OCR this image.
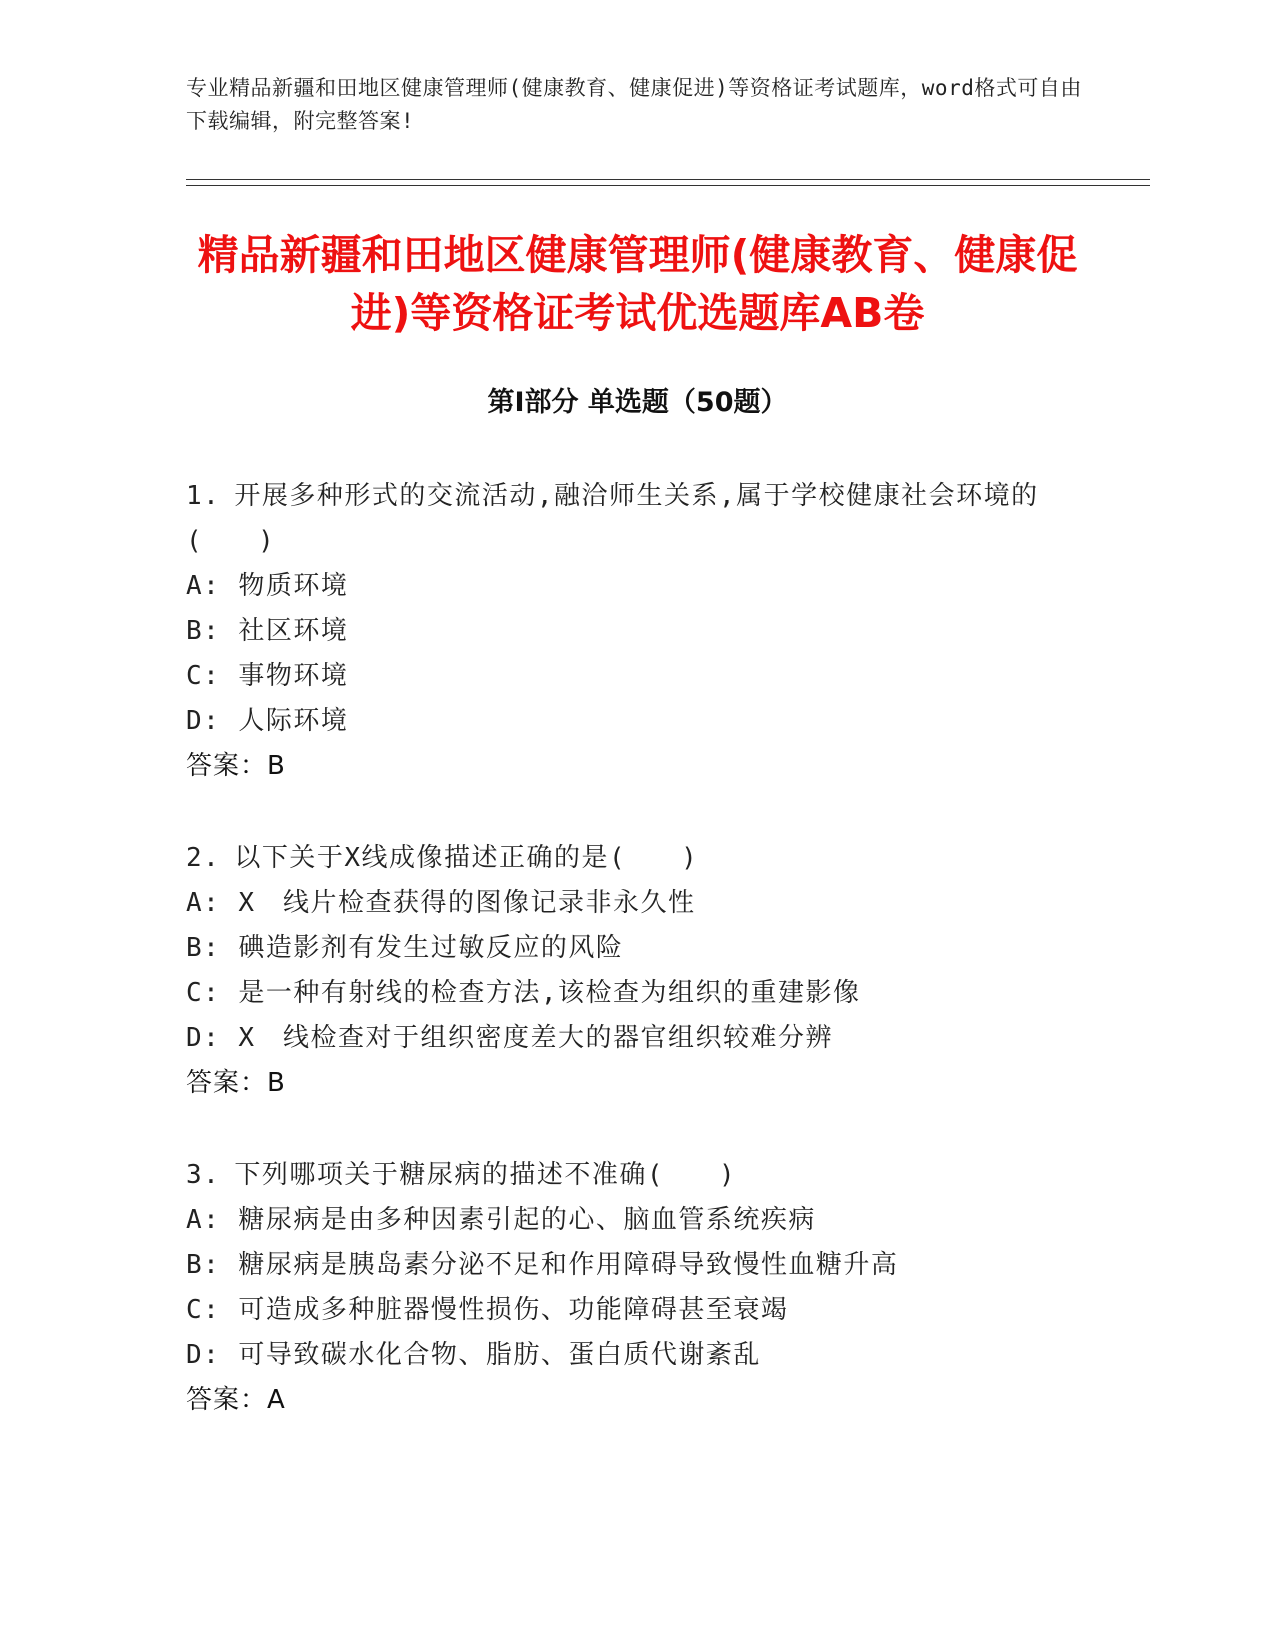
专业精品新疆和田地区健康管理师(健康教育、健康促进)等资格证考试题库，word格式可自由下载编辑，附完整答案!
精品新疆和田地区健康管理师(健康教育、健康促进)等资格证考试优选题库AB卷
第Ⅰ部分 单选题（50题）
1. 开展多种形式的交流活动,融洽师生关系,属于学校健康社会环境的(　　)
A: 物质环境
B: 社区环境
C: 事物环境
D: 人际环境
答案：B
2. 以下关于X线成像描述正确的是(　　)
A: X　线片检查获得的图像记录非永久性
B: 碘造影剂有发生过敏反应的风险
C: 是一种有射线的检查方法,该检查为组织的重建影像
D: X　线检查对于组织密度差大的器官组织较难分辨
答案：B
3. 下列哪项关于糖尿病的描述不准确(　　)
A: 糖尿病是由多种因素引起的心、脑血管系统疾病
B: 糖尿病是胰岛素分泌不足和作用障碍导致慢性血糖升高
C: 可造成多种脏器慢性损伤、功能障碍甚至衰竭
D: 可导致碳水化合物、脂肪、蛋白质代谢紊乱
答案：A
